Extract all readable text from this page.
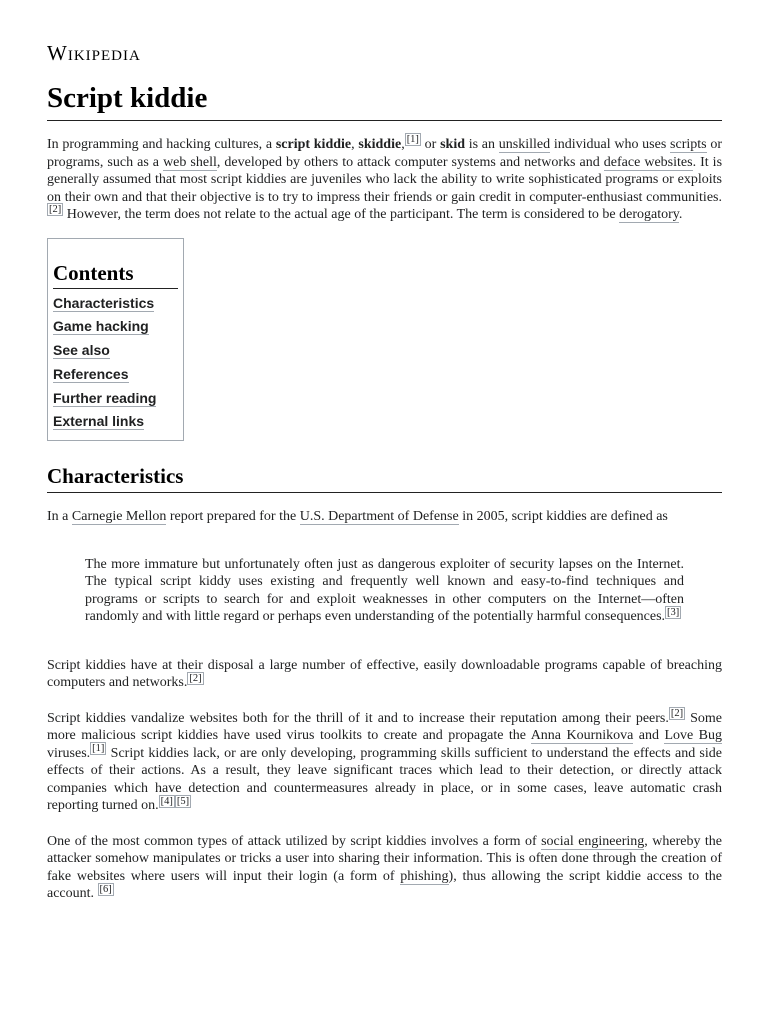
Wikipedia
Script kiddie

In programming and hacking cultures, a script kiddie, skiddie, [1] or skid is an unskilled individual who uses scripts or programs, such as a web shell, developed by others to attack computer systems and networks and deface websites. It is generally assumed that most script kiddies are juveniles who lack the ability to write sophisticated programs or exploits on their own and that their objective is to try to impress their friends or gain credit in computer-enthusiast communities.[2] However, the term does not relate to the actual age of the participant. The term is considered to be derogatory.

Contents
Characteristics
Game hacking
See also
References
Further reading
External links
Characteristics

In a Carnegie Mellon report prepared for the U.S. Department of Defense in 2005, script kiddies are defined as

The more immature but unfortunately often just as dangerous exploiter of security lapses on the Internet. The typical script kiddy uses existing and frequently well known and easy-to-find techniques and programs or scripts to search for and exploit weaknesses in other computers on the Internet—often randomly and with little regard or perhaps even understanding of the potentially harmful consequences. [3]

Script kiddies have at their disposal a large number of effective, easily downloadable programs capable of breaching computers and networks. [2]

Script kiddies vandalize websites both for the thrill of it and to increase their reputation among their peers. [2] Some more malicious script kiddies have used virus toolkits to create and propagate the Anna Kournikova and Love Bug viruses. [1] Script kiddies lack, or are only developing, programming skills sufficient to understand the effects and side effects of their actions. As a result, they leave significant traces which lead to their detection, or directly attack companies which have detection and countermeasures already in place, or in some cases, leave automatic crash reporting turned on. [4] [5]

One of the most common types of attack utilized by script kiddies involves a form of social engineering, whereby the attacker somehow manipulates or tricks a user into sharing their information. This is often done through the creation of fake websites where users will input their login (a form of phishing), thus allowing the script kiddie access to the account. [6]
